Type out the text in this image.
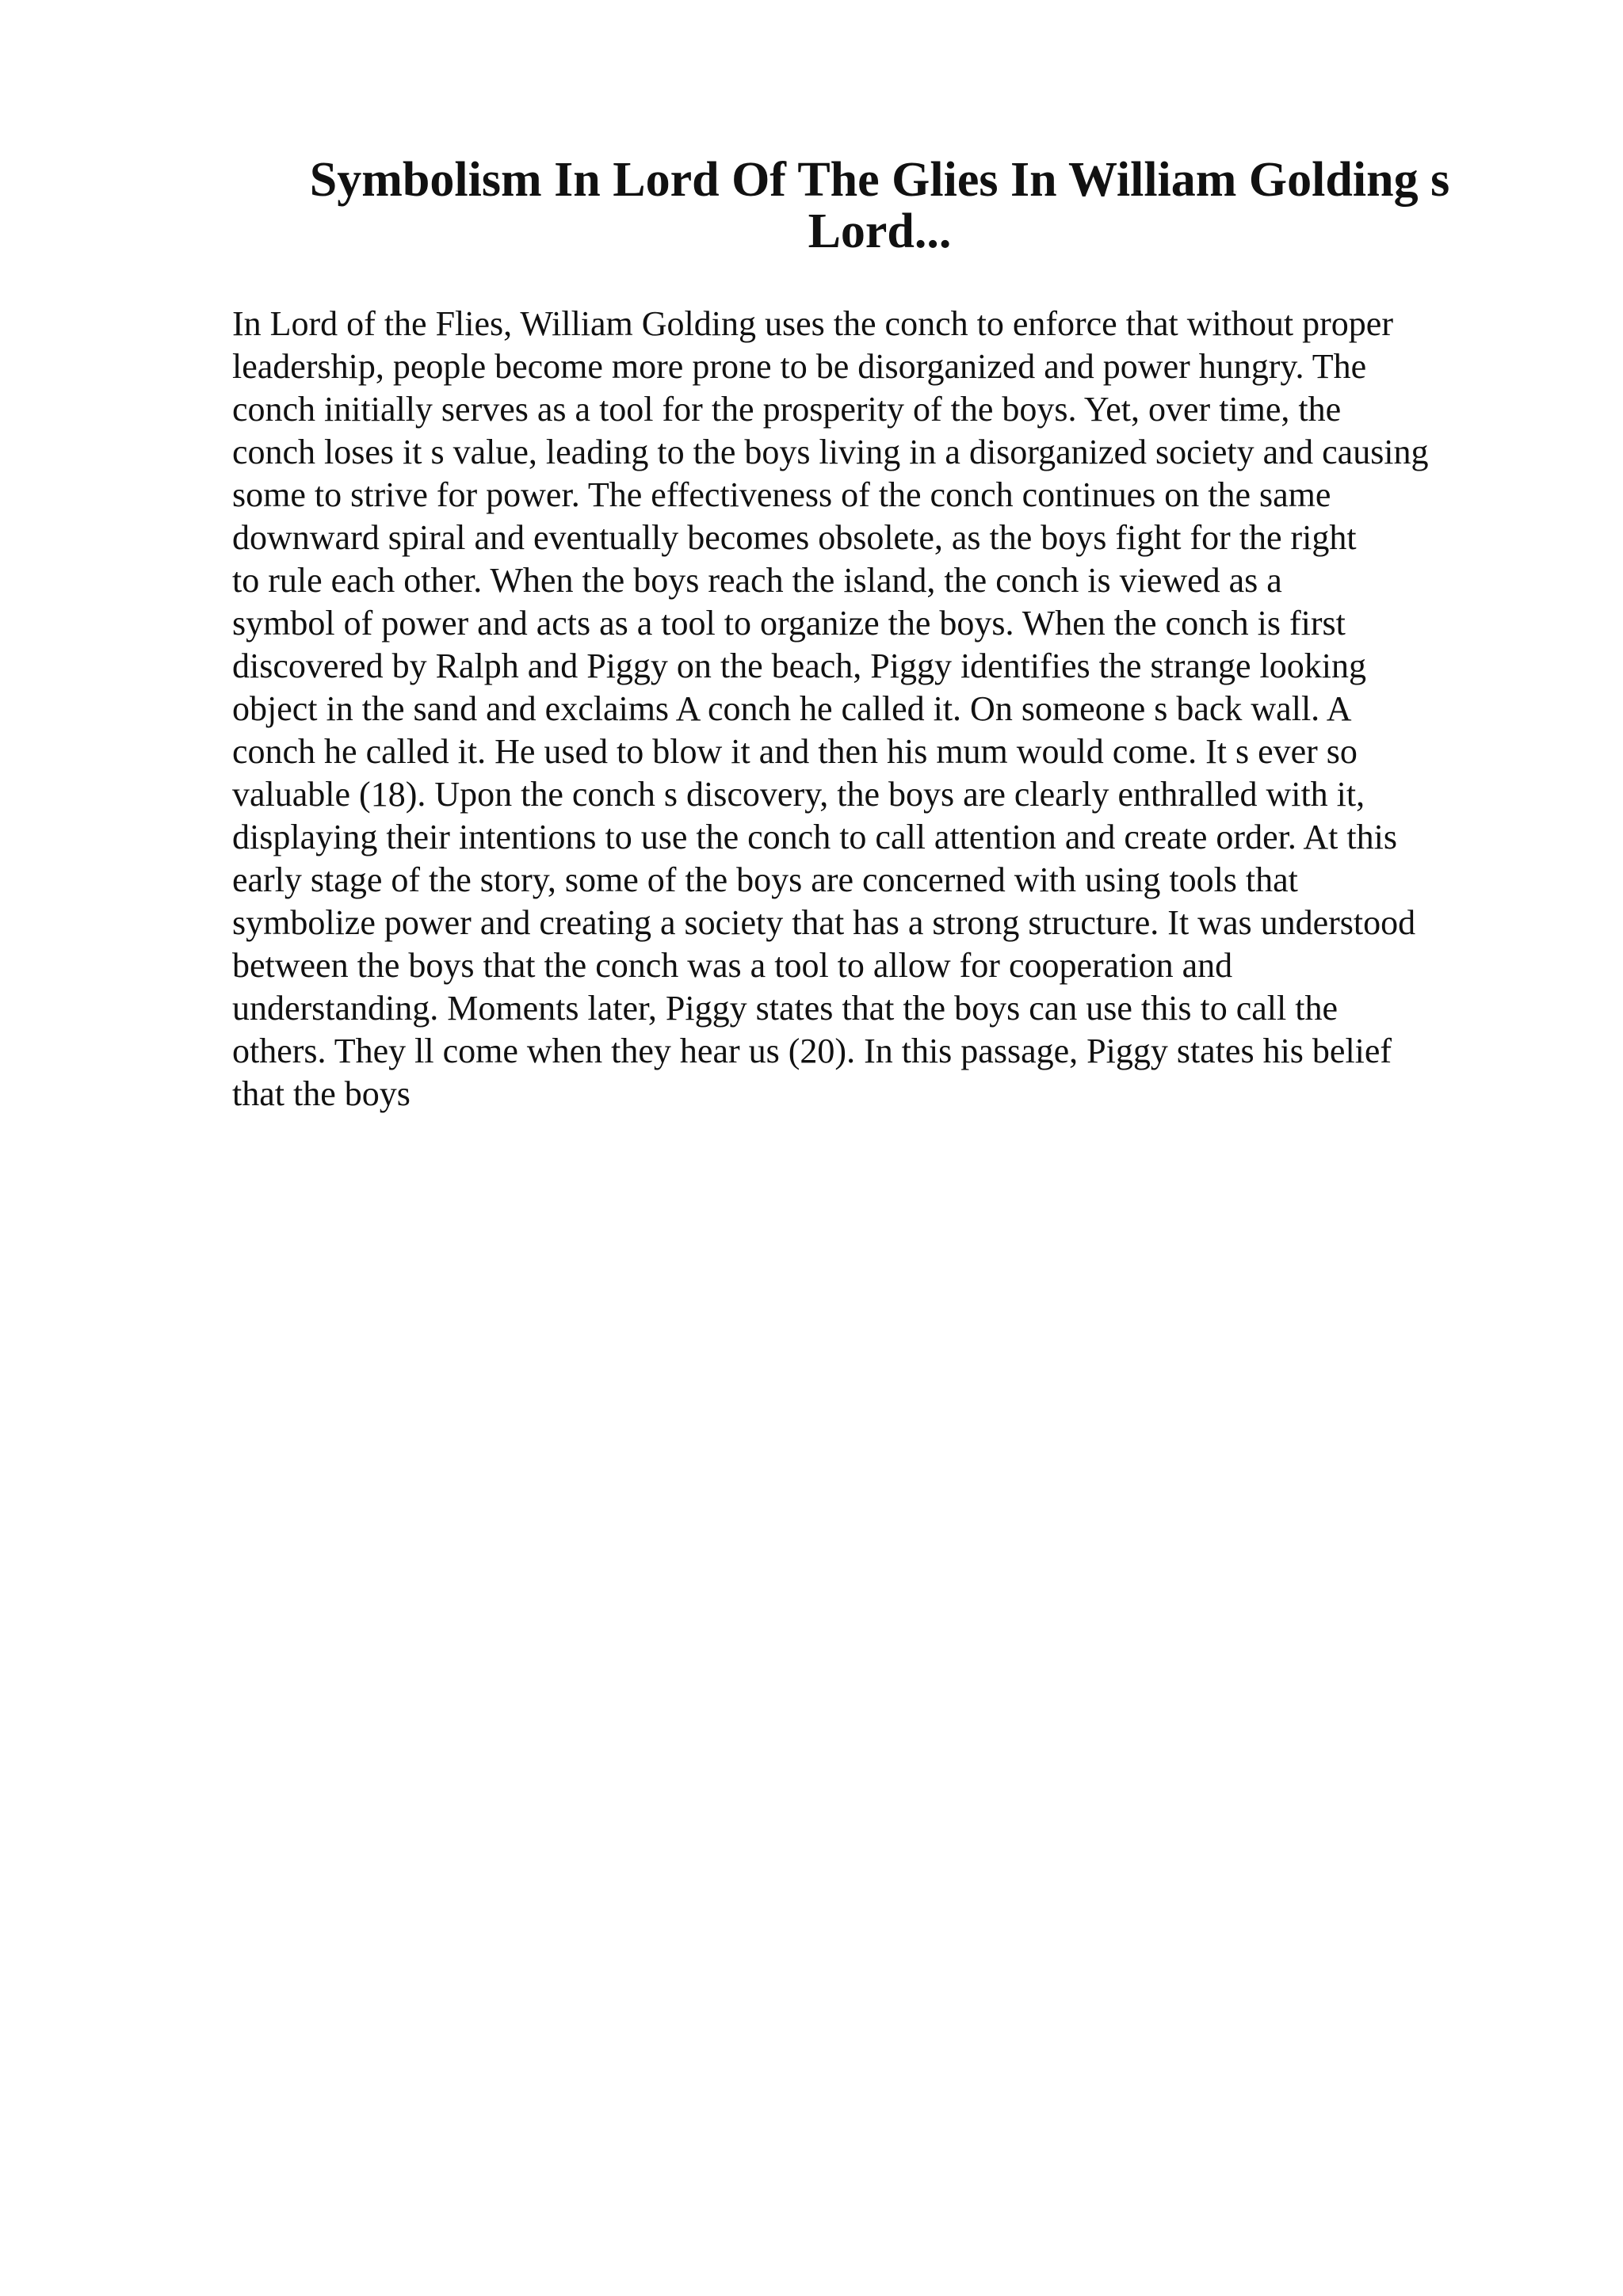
Symbolism In Lord Of The Glies In William Golding s
Lord...
In Lord of the Flies, William Golding uses the conch to enforce that without proper
leadership, people become more prone to be disorganized and power hungry. The
conch initially serves as a tool for the prosperity of the boys. Yet, over time, the
conch loses it s value, leading to the boys living in a disorganized society and causing
some to strive for power. The effectiveness of the conch continues on the same
downward spiral and eventually becomes obsolete, as the boys fight for the right
to rule each other. When the boys reach the island, the conch is viewed as a
symbol of power and acts as a tool to organize the boys. When the conch is first
discovered by Ralph and Piggy on the beach, Piggy identifies the strange looking
object in the sand and exclaims A conch he called it. On someone s back wall. A
conch he called it. He used to blow it and then his mum would come. It s ever so
valuable (18). Upon the conch s discovery, the boys are clearly enthralled with it,
displaying their intentions to use the conch to call attention and create order. At this
early stage of the story, some of the boys are concerned with using tools that
symbolize power and creating a society that has a strong structure. It was understood
between the boys that the conch was a tool to allow for cooperation and
understanding. Moments later, Piggy states that the boys can use this to call the
others. They ll come when they hear us (20). In this passage, Piggy states his belief
that the boys
